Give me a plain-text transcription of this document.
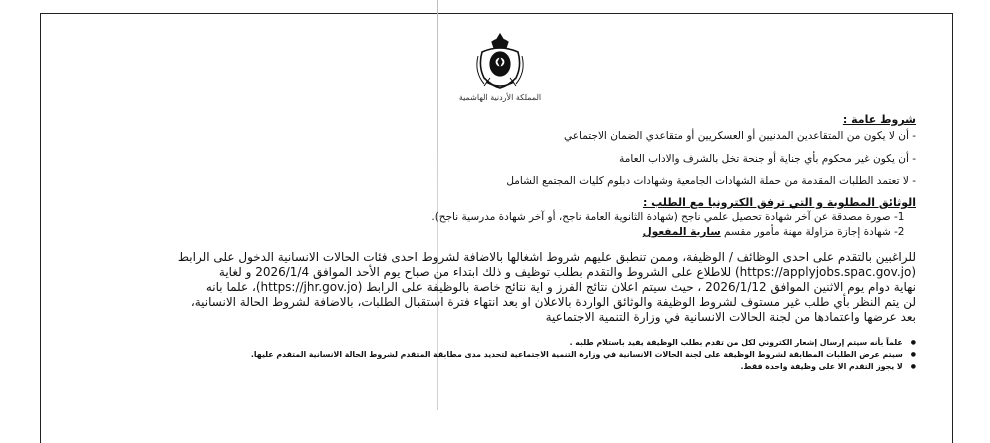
المملكة الأردنية الهاشمية
شروط عامة :
- أن لا يكون من المتقاعدين المدنيين أو العسكريين أو متقاعدي الضمان الاجتماعي
- أن يكون غير محكوم بأي جناية أو جنحة تخل بالشرف والاداب العامة
- لا تعتمد الطلبات المقدمة من حملة الشهادات الجامعية وشهادات دبلوم كليات المجتمع الشامل
الوثائق المطلوبة و التي ترفق الكترونيا مع الطلب :
1- صورة مصدقة عن آخر شهادة تحصيل علمي ناجح (شهادة الثانوية العامة ناجح، أو آخر شهادة مدرسية ناجح).
2- شهادة إجازة مزاولة مهنة مأمور مقسم سارية المفعول
للراغبين بالتقدم على احدى الوظائف / الوظيفة، وممن تنطبق عليهم شروط اشغالها بالاضافة لشروط احدى فئات الحالات الانسانية الدخول على الرابط
(https://applyjobs.spac.gov.jo) للاطلاع على الشروط والتقدم بطلب توظيف و ذلك ابتداء من صباح يوم الأحد الموافق 2026/1/4 و لغاية
نهاية دوام يوم الاثنين الموافق 2026/1/12 ، حيث سيتم اعلان نتائج الفرز و اية نتائج خاصة بالوظيفة على الرابط (https://jhr.gov.jo)، علما بانه
لن يتم النظر بأي طلب غير مستوف لشروط الوظيفة والوثائق الواردة بالاعلان او بعد انتهاء فترة استقبال الطلبات، بالاضافة لشروط الحالة الانسانية،
بعد عرضها واعتمادها من لجنة الحالات الانسانية في وزارة التنمية الاجتماعية
● علماً بأنه سيتم إرسال إشعار الكتروني لكل من تقدم بطلب الوظيفة يفيد باستلام طلبه .
● سيتم عرض الطلبات المطابقة لشروط الوظيفة على لجنة الحالات الانسانية في وزارة التنمية الاجتماعية لتحديد مدى مطابقة المتقدم لشروط الحالة الانسانية المتقدم عليها.
● لا يجوز التقدم الا على وظيفة واحدة فقط.
